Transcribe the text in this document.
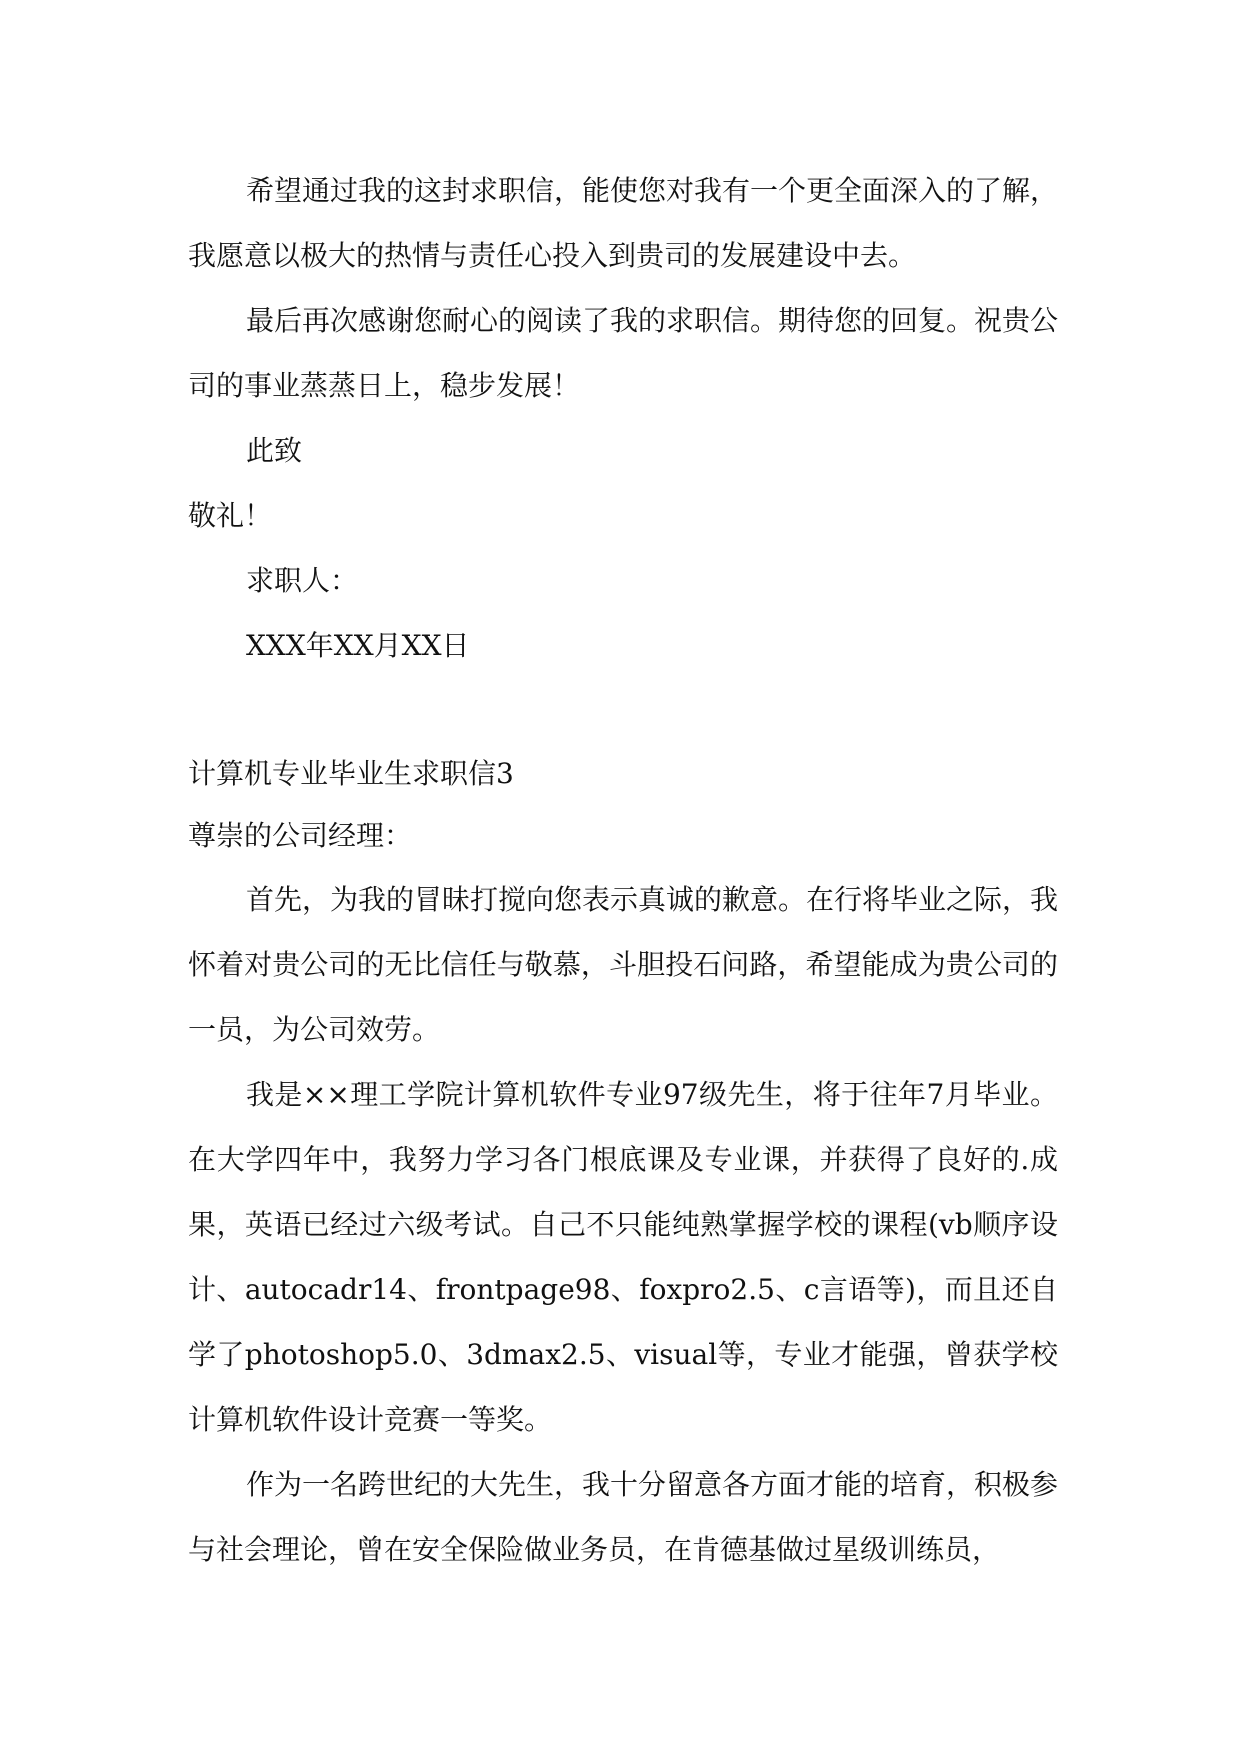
希望通过我的这封求职信，能使您对我有一个更全面深入的了解，我愿意以极大的热情与责任心投入到贵司的发展建设中去。

最后再次感谢您耐心的阅读了我的求职信。期待您的回复。祝贵公司的事业蒸蒸日上，稳步发展！

此致

敬礼！

求职人：

XXX年XX月XX日

计算机专业毕业生求职信3

尊崇的公司经理：

首先，为我的冒昧打搅向您表示真诚的歉意。在行将毕业之际，我怀着对贵公司的无比信任与敬慕，斗胆投石问路，希望能成为贵公司的一员，为公司效劳。

我是××理工学院计算机软件专业97级先生，将于往年7月毕业。在大学四年中，我努力学习各门根底课及专业课，并获得了良好的.成果，英语已经过六级考试。自己不只能纯熟掌握学校的课程(vb顺序设计、autocadr14、frontpage98、foxpro2.5、c言语等)，而且还自学了photoshop5.0、3dmax2.5、visual等，专业才能强，曾获学校计算机软件设计竞赛一等奖。

作为一名跨世纪的大先生，我十分留意各方面才能的培育，积极参与社会理论，曾在安全保险做业务员，在肯德基做过星级训练员，
